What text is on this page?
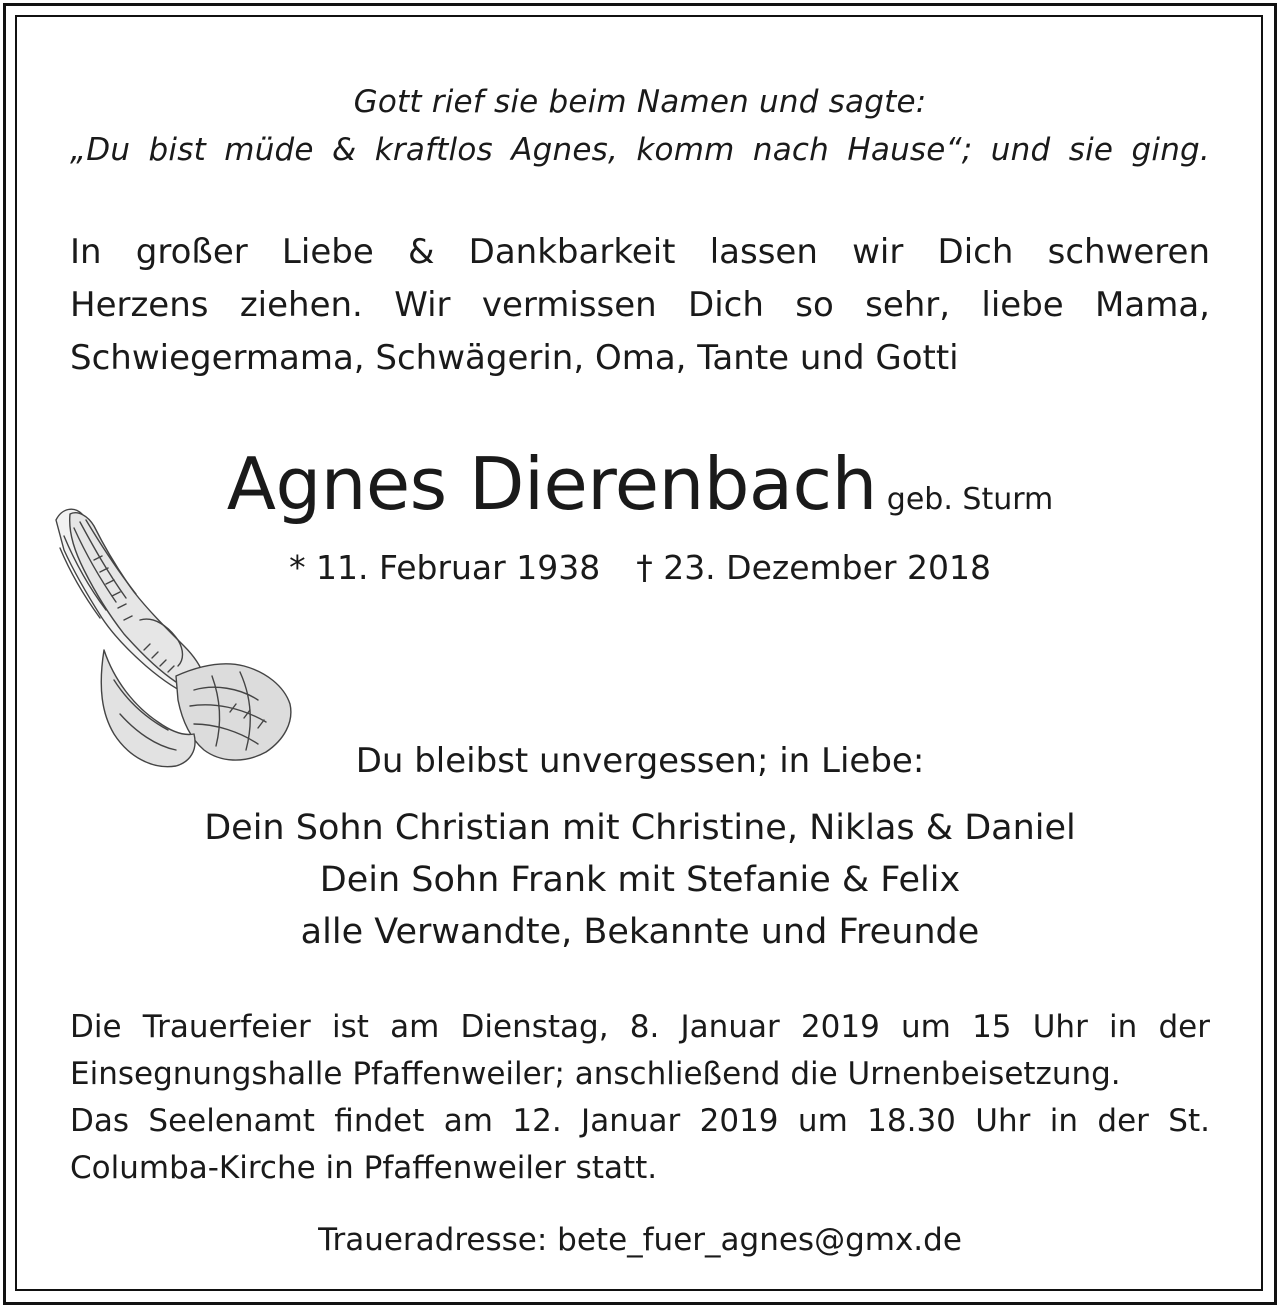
Gott rief sie beim Namen und sagte:
„Du bist müde & kraftlos Agnes, komm nach Hause“; und sie ging.
In großer Liebe & Dankbarkeit lassen wir Dich schweren
Herzens ziehen. Wir vermissen Dich so sehr, liebe Mama,
Schwiegermama, Schwägerin, Oma, Tante und Gotti
Agnes Dierenbach geb. Sturm
* 11. Februar 1938 † 23. Dezember 2018
Du bleibst unvergessen; in Liebe:
Dein Sohn Christian mit Christine, Niklas & Daniel
Dein Sohn Frank mit Stefanie & Felix
alle Verwandte, Bekannte und Freunde
Die Trauerfeier ist am Dienstag, 8. Januar 2019 um 15 Uhr in der
Einsegnungshalle Pfaffenweiler; anschließend die Urnenbeisetzung.
Das Seelenamt findet am 12. Januar 2019 um 18.30 Uhr in der St.
Columba-Kirche in Pfaffenweiler statt.
Traueradresse: bete_fuer_agnes@gmx.de
